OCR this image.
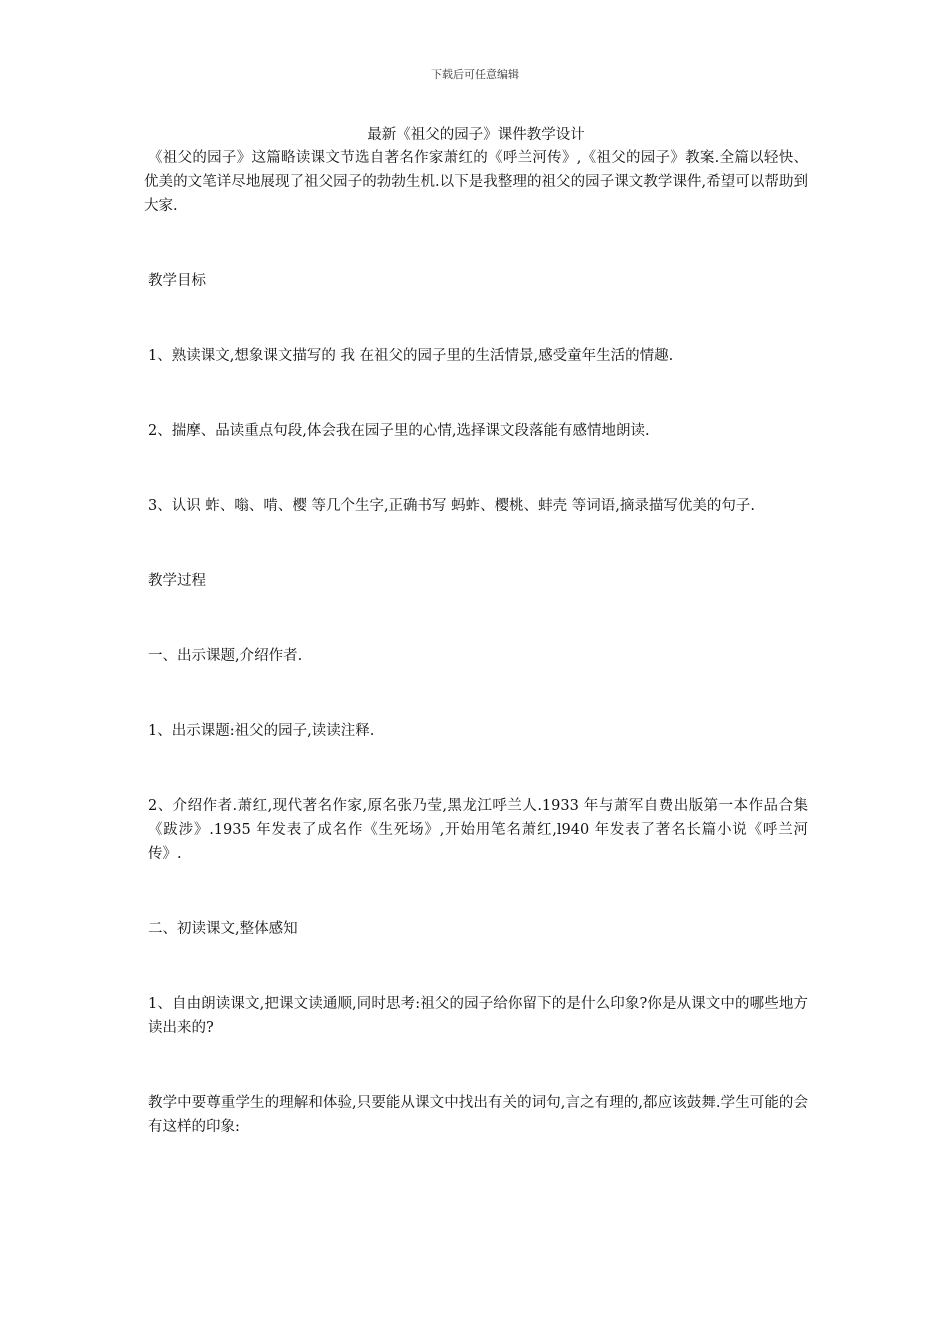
下载后可任意编辑
最新《祖父的园子》课件教学设计

《祖父的园子》这篇略读课文节选自著名作家萧红的《呼兰河传》,《祖父的园子》教案.全篇以轻快、优美的文笔详尽地展现了祖父园子的勃勃生机.以下是我整理的祖父的园子课文教学课件,希望可以帮助到大家.

教学目标

1、熟读课文,想象课文描写的 我 在祖父的园子里的生活情景,感受童年生活的情趣.

2、揣摩、品读重点句段,体会我在园子里的心情,选择课文段落能有感情地朗读.

3、认识 蚱、嗡、啃、樱 等几个生字,正确书写 蚂蚱、樱桃、蚌壳 等词语,摘录描写优美的句子.

教学过程

一、出示课题,介绍作者.

1、出示课题:祖父的园子,读读注释.

2、介绍作者.萧红,现代著名作家,原名张乃莹,黑龙江呼兰人.1933 年与萧军自费出版第一本作品合集《跋涉》.1935 年发表了成名作《生死场》,开始用笔名萧红,l940 年发表了著名长篇小说《呼兰河传》.

二、初读课文,整体感知

1、自由朗读课文,把课文读通顺,同时思考:祖父的园子给你留下的是什么印象?你是从课文中的哪些地方读出来的?

教学中要尊重学生的理解和体验,只要能从课文中找出有关的词句,言之有理的,都应该鼓舞.学生可能的会有这样的印象:
